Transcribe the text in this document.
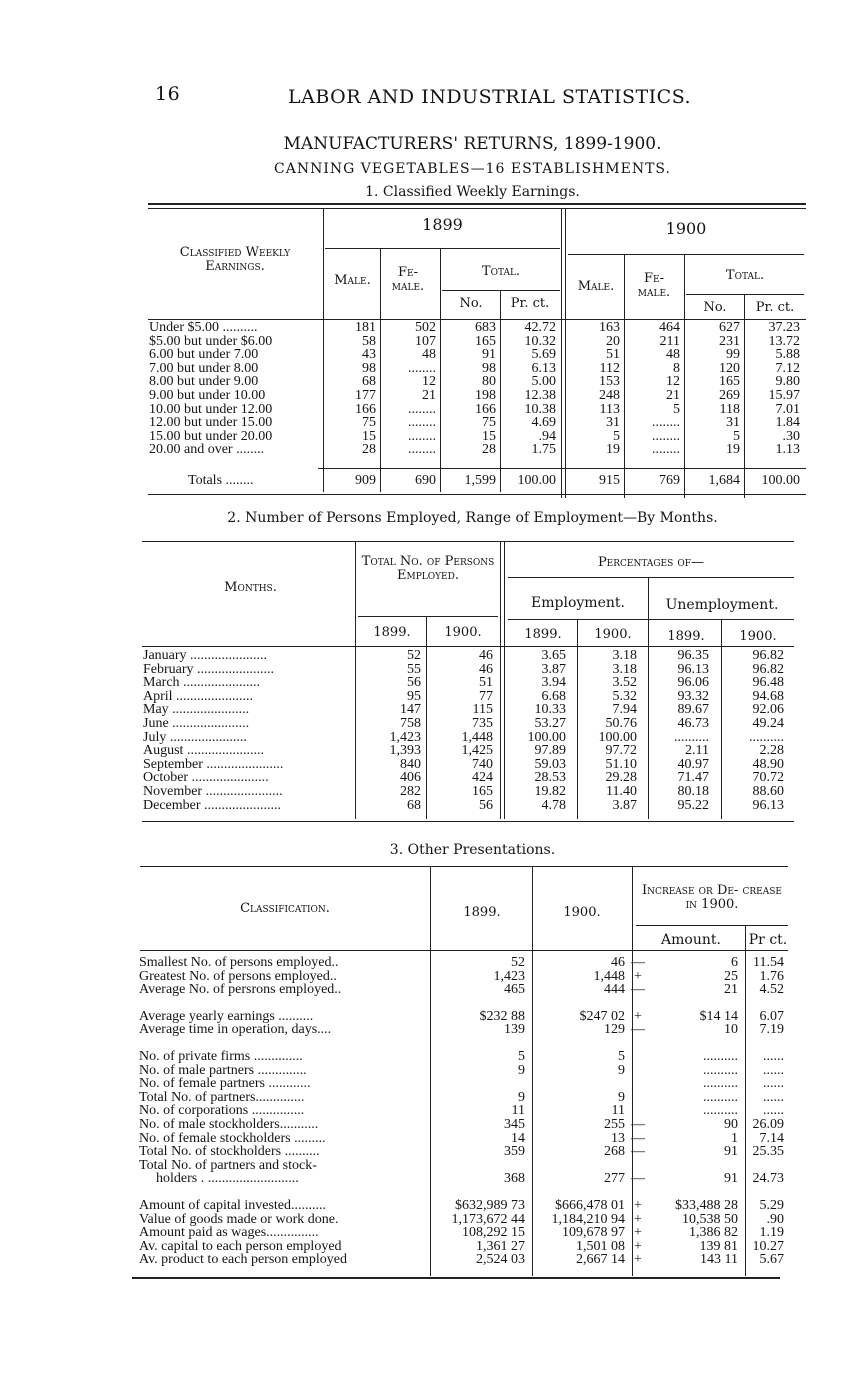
16	LABOR AND INDUSTRIAL STATISTICS.
MANUFACTURERS' RETURNS, 1899-1900.
CANNING VEGETABLES—16 ESTABLISHMENTS.
1. Classified Weekly Earnings.
Classified Weekly Earnings.
1899	1900
Male.
Fe- male.
Total.
No.	Pr. ct.
Male.
Fe- male.
Total.
No.	Pr. ct.
Under $5.00 ..........	181	502	683	42.72	163	464	627	37.23
$5.00 but under $6.00	58	107	165	10.32	20	211	231	13.72
6.00 but under 7.00	43	48	91	5.69	51	48	99	5.88
7.00 but under 8.00	98	........	98	6.13	112	8	120	7.12
8.00 but under 9.00	68	12	80	5.00	153	12	165	9.80
9.00 but under 10.00	177	21	198	12.38	248	21	269	15.97
10.00 but under 12.00	166	........	166	10.38	113	5	118	7.01
12.00 but under 15.00	75	........	75	4.69	31	........	31	1.84
15.00 but under 20.00	15	........	15	.94	5	........	5	.30
20.00 and over ........	28	........	28	1.75	19	........	19	1.13
Totals ........	909	690	1,599	100.00	915	769	1,684	100.00
2. Number of Persons Employed, Range of Employment—By Months.
Months.
Total No. of Persons Employed.
Percentages of—
Employment.	Unemployment.
1899.	1900.	1899.	1900.	1899.	1900.
January ......................	52	46	3.65	3.18	96.35	96.82
February ......................	55	46	3.87	3.18	96.13	96.82
March ......................	56	51	3.94	3.52	96.06	96.48
April ......................	95	77	6.68	5.32	93.32	94.68
May ......................	147	115	10.33	7.94	89.67	92.06
June ......................	758	735	53.27	50.76	46.73	49.24
July ......................	1,423	1,448	100.00	100.00	..........	..........
August ......................	1,393	1,425	97.89	97.72	2.11	2.28
September ......................	840	740	59.03	51.10	40.97	48.90
October ......................	406	424	28.53	29.28	71.47	70.72
November ......................	282	165	19.82	11.40	80.18	88.60
December ......................	68	56	4.78	3.87	95.22	96.13
3. Other Presentations.
Classification.	1899.	1900.
Increase or De- crease in 1900.
Amount.	Pr ct.
Smallest No. of persons employed..	52	46	—	6	11.54
Greatest No. of persons employed..	1,423	1,448	+	25	1.76
Average No. of persrons employed..	465	444	—	21	4.52

Average yearly earnings ..........	$232 88	$247 02	+	$14 14	6.07
Average time in operation, days....	139	129	—	10	7.19

No. of private firms ..............	5	5		..........	......
No. of male partners ..............	9	9		..........	......
No. of female partners ............				..........	......
Total No. of partners..............	9	9		..........	......
No. of corporations ...............	11	11		..........	......
No. of male stockholders...........	345	255	—	90	26.09
No. of female stockholders .........	14	13	—	1	7.14
Total No. of stockholders ..........	359	268	—	91	25.35
Total No. of partners and stock-					
holders . ..........................	368	277	—	91	24.73

Amount of capital invested..........	$632,989 73	$666,478 01	+	$33,488 28	5.29
Value of goods made or work done.	1,173,672 44	1,184,210 94	+	10,538 50	.90
Amount paid as wages...............	108,292 15	109,678 97	+	1,386 82	1.19
Av. capital to each person employed	1,361 27	1,501 08	+	139 81	10.27
Av. product to each person employed	2,524 03	2,667 14	+	143 11	5.67
